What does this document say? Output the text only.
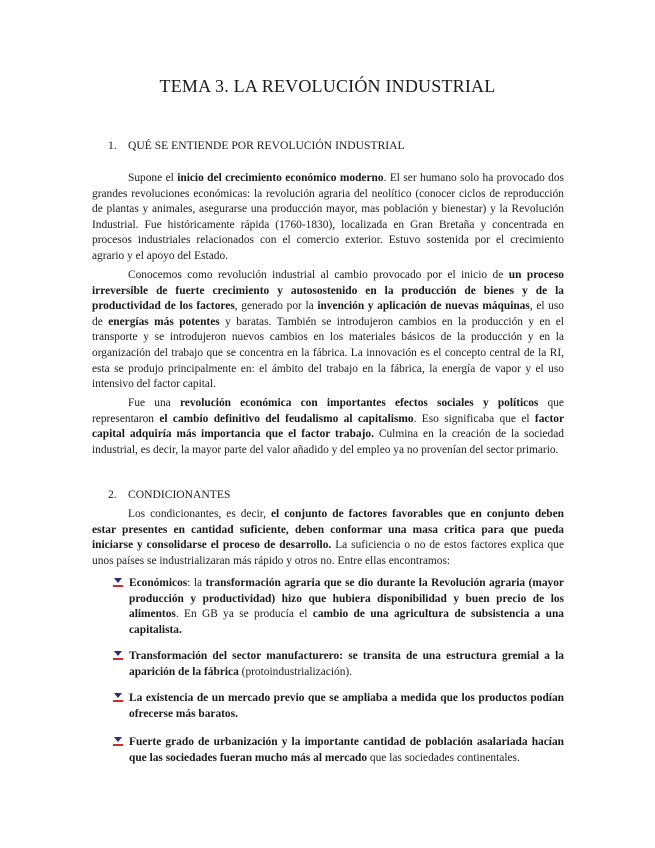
TEMA 3. LA REVOLUCIÓN INDUSTRIAL
1. QUÉ SE ENTIENDE POR REVOLUCIÓN INDUSTRIAL

Supone el inicio del crecimiento económico moderno. El ser humano solo ha provocado dos grandes revoluciones económicas: la revolución agraria del neolítico (conocer ciclos de reproducción de plantas y animales, asegurarse una producción mayor, mas población y bienestar) y la Revolución Industrial. Fue históricamente rápida (1760-1830), localizada en Gran Bretaña y concentrada en procesos industriales relacionados con el comercio exterior. Estuvo sostenida por el crecimiento agrario y el apoyo del Estado.

Conocemos como revolución industrial al cambio provocado por el inicio de un proceso irreversible de fuerte crecimiento y autosostenido en la producción de bienes y de la productividad de los factores, generado por la invención y aplicación de nuevas máquinas, el uso de energías más potentes y baratas. También se introdujeron cambios en la producción y en el transporte y se introdujeron nuevos cambios en los materiales básicos de la producción y en la organización del trabajo que se concentra en la fábrica. La innovación es el concepto central de la RI, esta se produjo principalmente en: el ámbito del trabajo en la fábrica, la energía de vapor y el uso intensivo del factor capital.

Fue una revolución económica con importantes efectos sociales y políticos que representaron el cambio definitivo del feudalismo al capitalismo. Eso significaba que el factor capital adquiría más importancia que el factor trabajo. Culmina en la creación de la sociedad industrial, es decir, la mayor parte del valor añadido y del empleo ya no provenían del sector primario.

2. CONDICIONANTES

Los condicionantes, es decir, el conjunto de factores favorables que en conjunto deben estar presentes en cantidad suficiente, deben conformar una masa critica para que pueda iniciarse y consolidarse el proceso de desarrollo. La suficiencia o no de estos factores explica que unos países se industrializaran más rápido y otros no. Entre ellas encontramos:

Económicos: la transformación agraria que se dio durante la Revolución agraria (mayor producción y productividad) hizo que hubiera disponibilidad y buen precio de los alimentos. En GB ya se producía el cambio de una agricultura de subsistencia a una capitalista.
Transformación del sector manufacturero: se transita de una estructura gremial a la aparición de la fábrica (protoindustrialización).
La existencia de un mercado previo que se ampliaba a medida que los productos podían ofrecerse más baratos.
Fuerte grado de urbanización y la importante cantidad de población asalariada hacían que las sociedades fueran mucho más al mercado que las sociedades continentales.
